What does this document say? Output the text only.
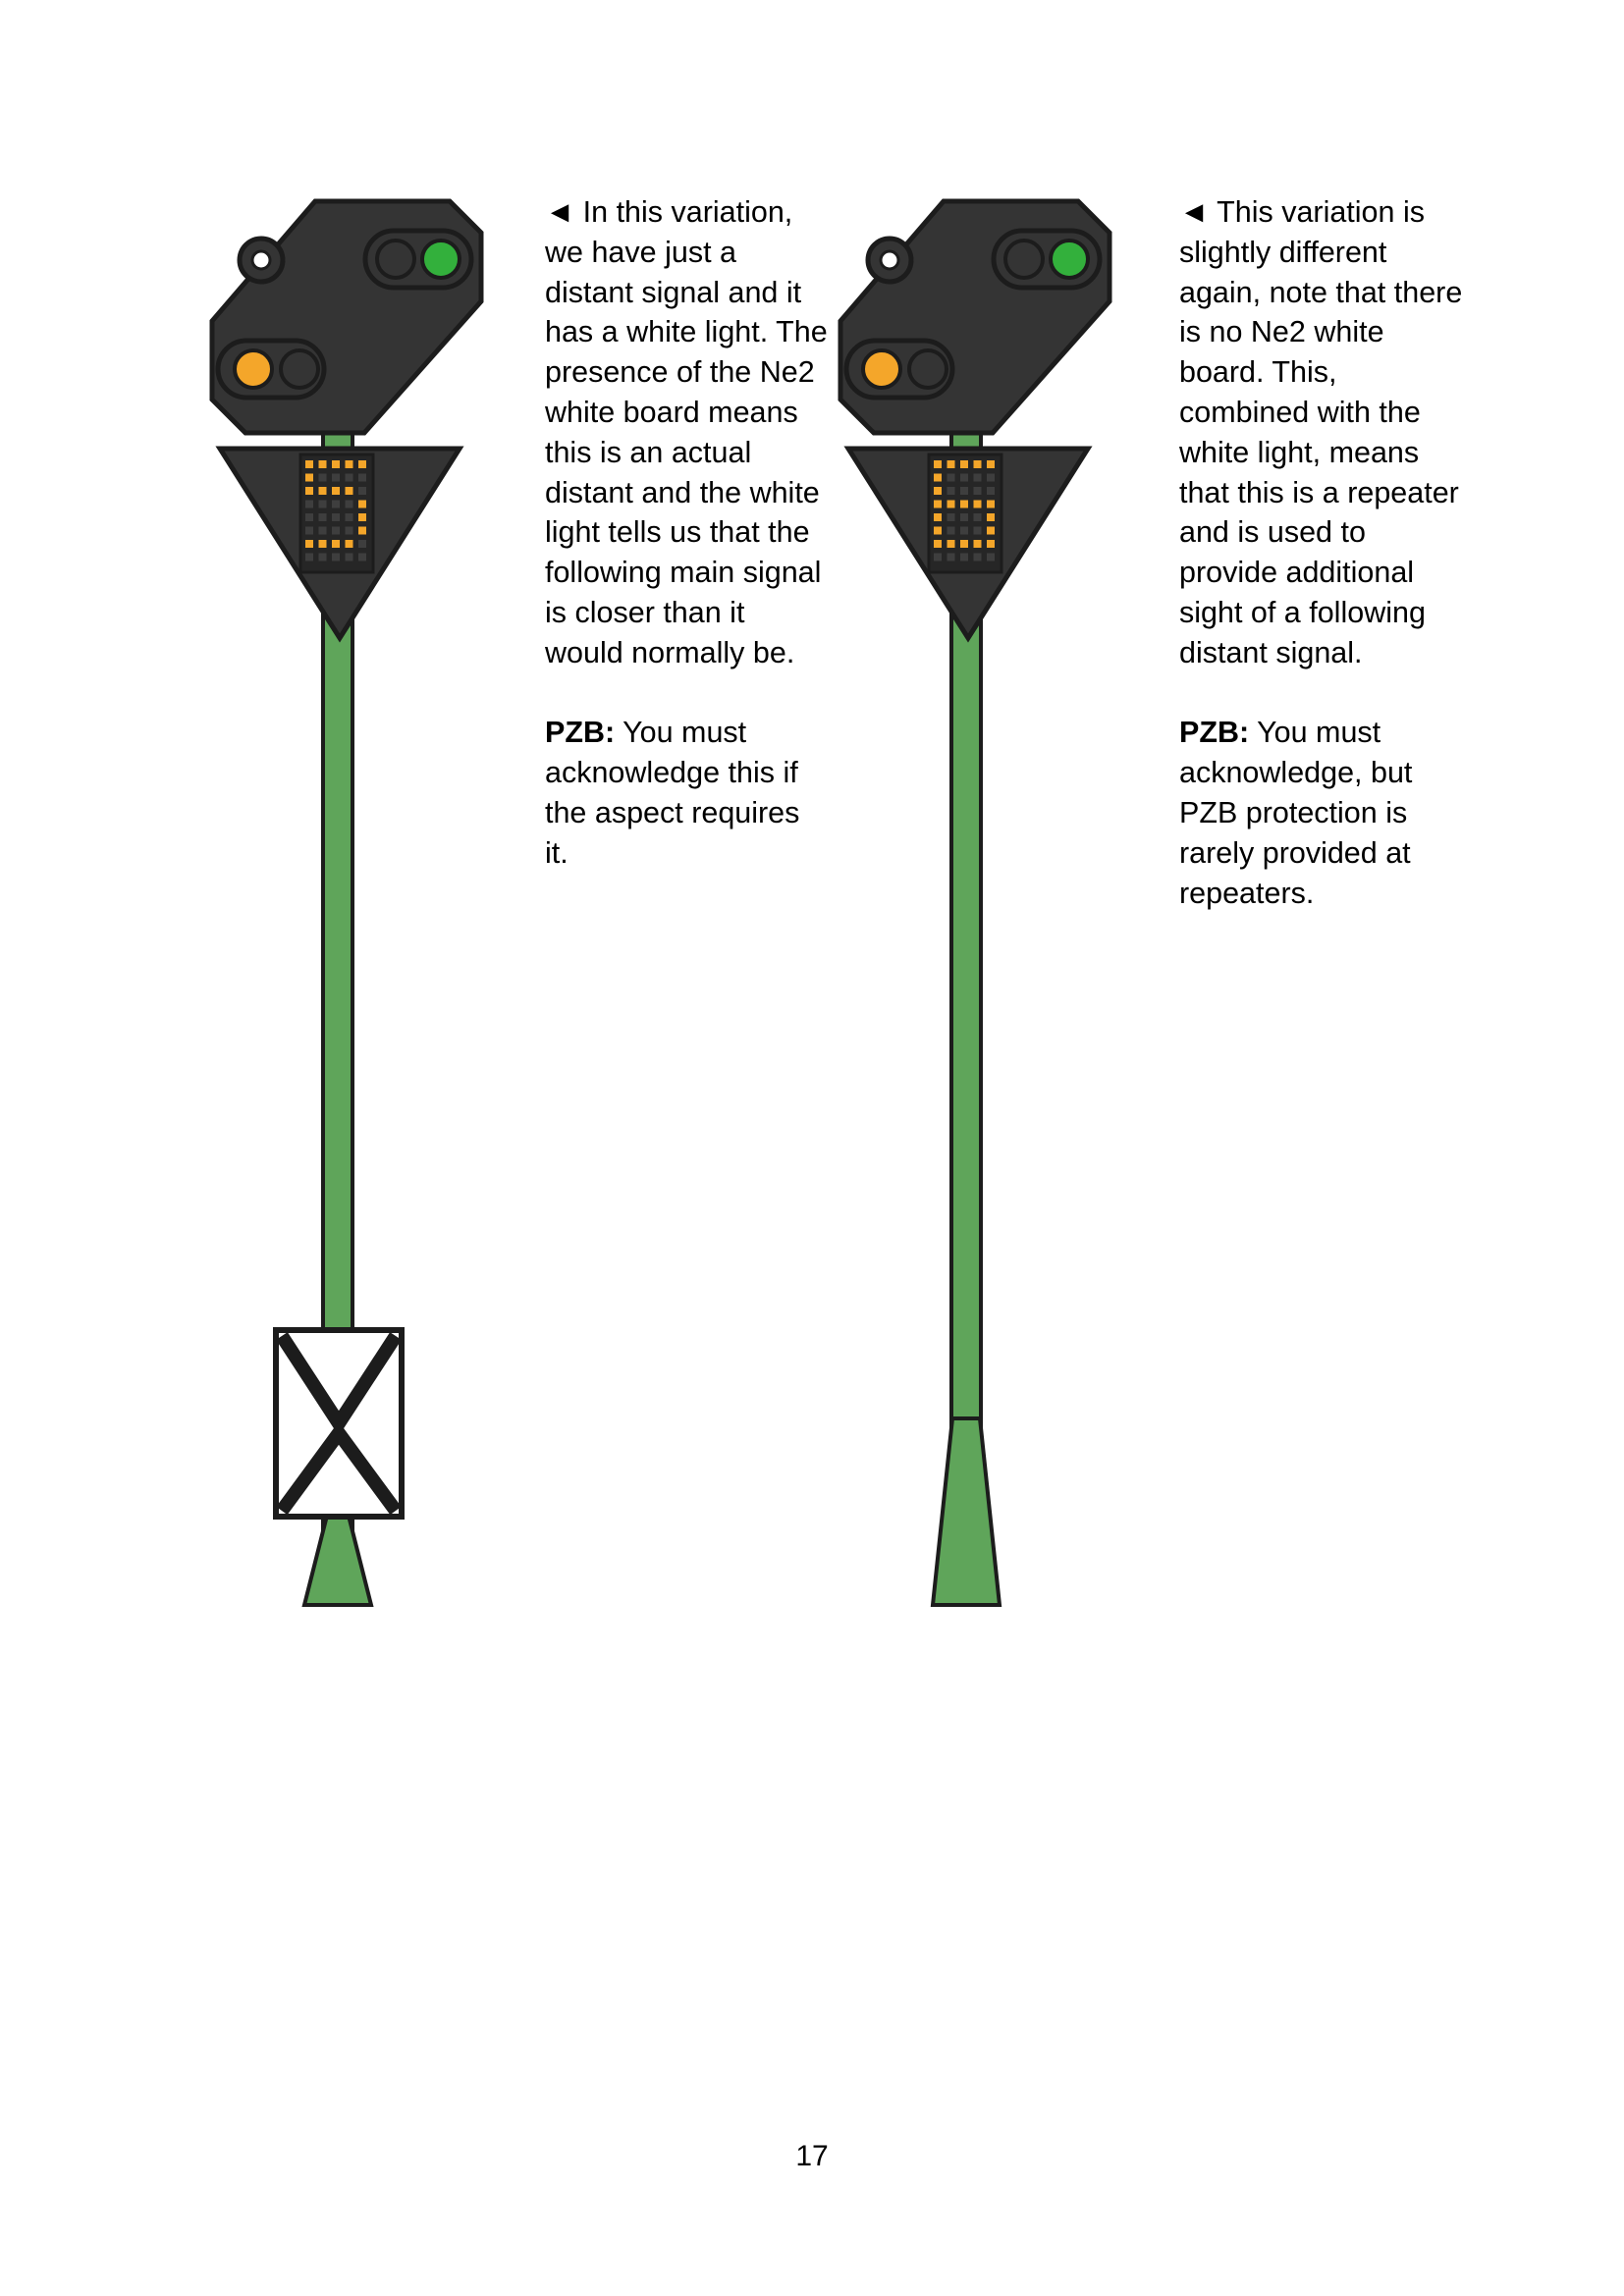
◄ In this variation, we have just a distant signal and it has a white light. The presence of the Ne2 white board means this is an actual distant and the white light tells us that the following main signal is closer than it would normally be.

PZB: You must acknowledge this if the aspect requires it.

◄ This variation is slightly different again, note that there is no Ne2 white board. This, combined with the white light, means that this is a repeater and is used to provide additional sight of a following distant signal.

PZB: You must acknowledge, but PZB protection is rarely provided at repeaters.

17
